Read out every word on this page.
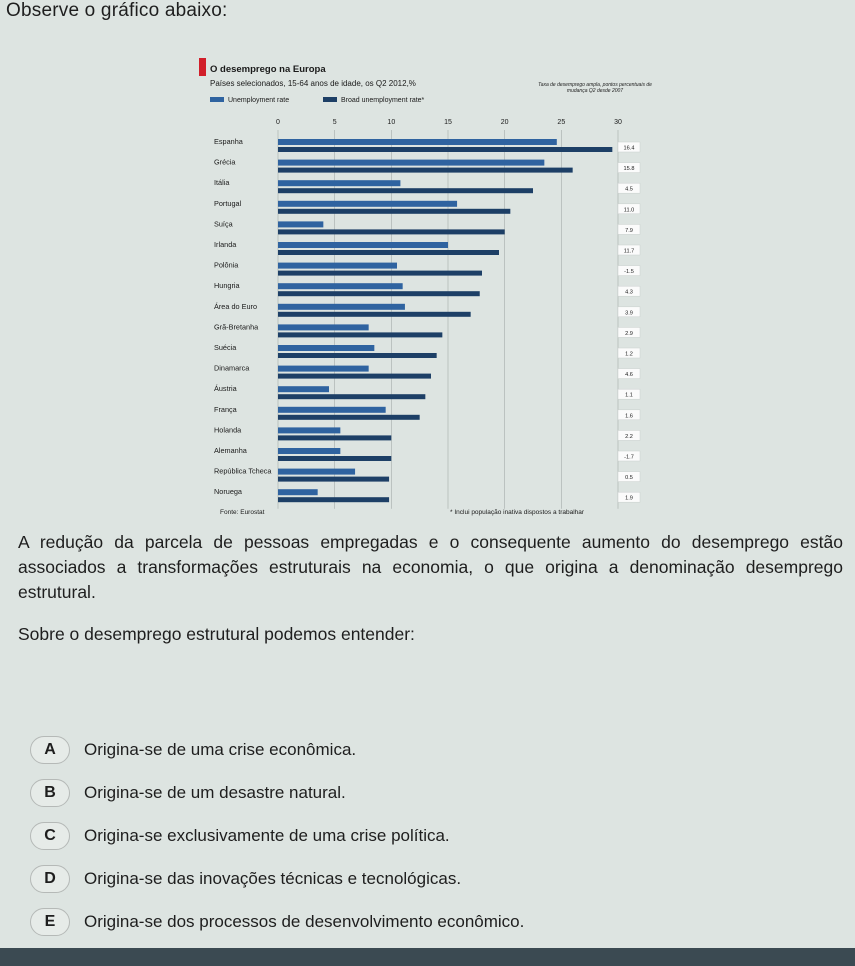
Observe o gráfico abaixo:
O desemprego na Europa
Países selecionados, 15-64 anos de idade, os Q2 2012,%
Unemployment rate	Broad unemployment rate*
Taxa de desemprego ampla, pontos percentuais de mudança Q2 desde 2007
0	5	10	15	20	25	30
Espanha
16.4
Grécia
15.8
Itália
4.5
Portugal
11.0
Suíça
7.9
Irlanda
11.7
Polônia
-1.5
Hungria
4.3
Área do Euro
3.9
Grã-Bretanha
2.9
Suécia
1.2
Dinamarca
4.6
Áustria
1.1
França
1.6
Holanda
2.2
Alemanha
-1.7
República Tcheca
0.5
Noruega
1.9
Fonte: Eurostat	* Inclui população inativa dispostos a trabalhar
A redução da parcela de pessoas empregadas e o consequente aumento do desemprego estão associados a transformações estruturais na economia, o que origina a denominação desemprego estrutural.
Sobre o desemprego estrutural podemos entender:
A	Origina-se de uma crise econômica.
B	Origina-se de um desastre natural.
C	Origina-se exclusivamente de uma crise política.
D	Origina-se das inovações técnicas e tecnológicas.
E	Origina-se dos processos de desenvolvimento econômico.
